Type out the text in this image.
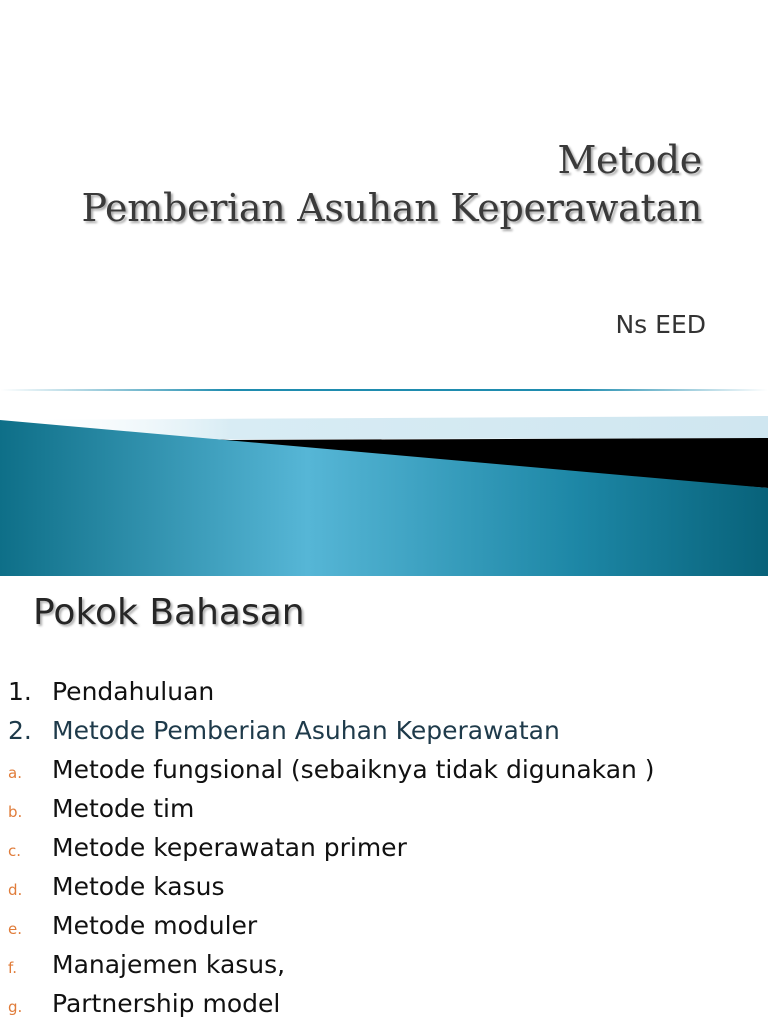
Metode
Pemberian Asuhan Keperawatan
Ns EED
Pokok Bahasan
1. Pendahuluan
2. Metode Pemberian Asuhan Keperawatan
a. Metode fungsional (sebaiknya tidak digunakan )
b. Metode tim
c. Metode keperawatan primer
d. Metode kasus
e. Metode moduler
f. Manajemen kasus,
g. Partnership model
